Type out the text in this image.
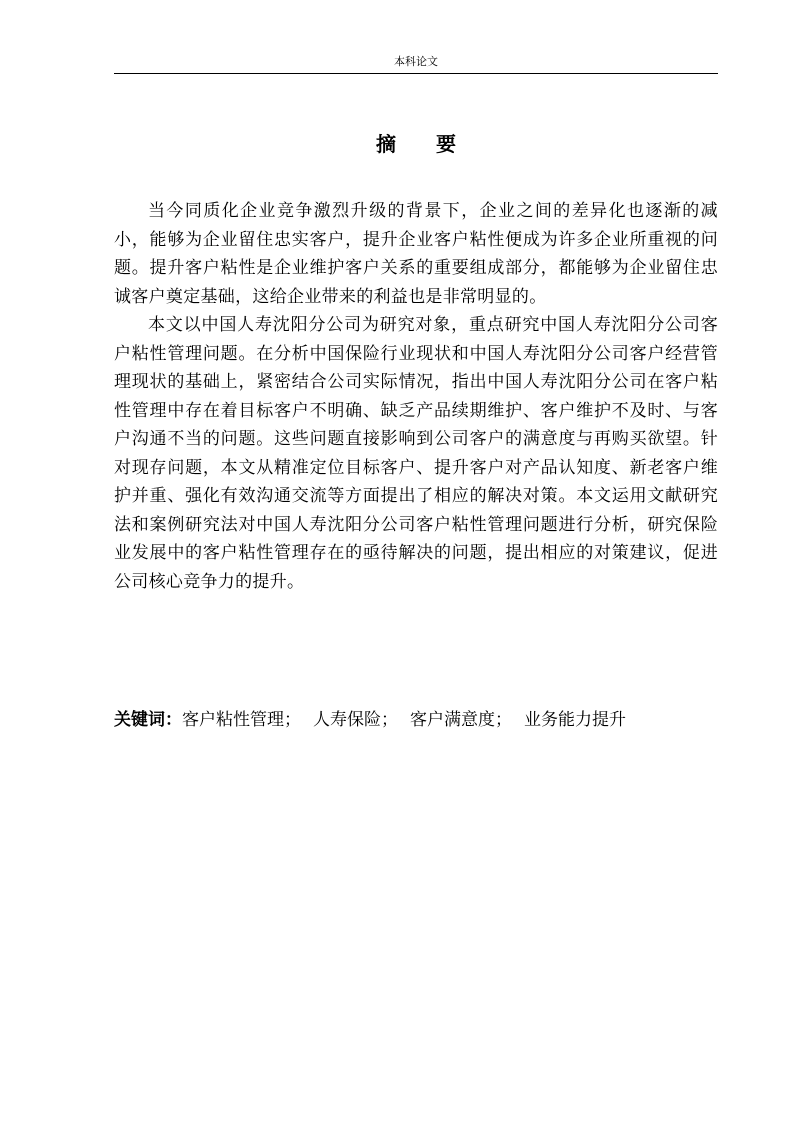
本科论文
摘 要

当今同质化企业竞争激烈升级的背景下，企业之间的差异化也逐渐的减小，能够为企业留住忠实客户，提升企业客户粘性便成为许多企业所重视的问题。提升客户粘性是企业维护客户关系的重要组成部分，都能够为企业留住忠诚客户奠定基础，这给企业带来的利益也是非常明显的。

本文以中国人寿沈阳分公司为研究对象，重点研究中国人寿沈阳分公司客户粘性管理问题。在分析中国保险行业现状和中国人寿沈阳分公司客户经营管理现状的基础上，紧密结合公司实际情况，指出中国人寿沈阳分公司在客户粘性管理中存在着目标客户不明确、缺乏产品续期维护、客户维护不及时、与客户沟通不当的问题。这些问题直接影响到公司客户的满意度与再购买欲望。针对现存问题，本文从精准定位目标客户、提升客户对产品认知度、新老客户维护并重、强化有效沟通交流等方面提出了相应的解决对策。本文运用文献研究法和案例研究法对中国人寿沈阳分公司客户粘性管理问题进行分析，研究保险业发展中的客户粘性管理存在的亟待解决的问题，提出相应的对策建议，促进公司核心竞争力的提升。

关键词：客户粘性管理； 人寿保险； 客户满意度； 业务能力提升
